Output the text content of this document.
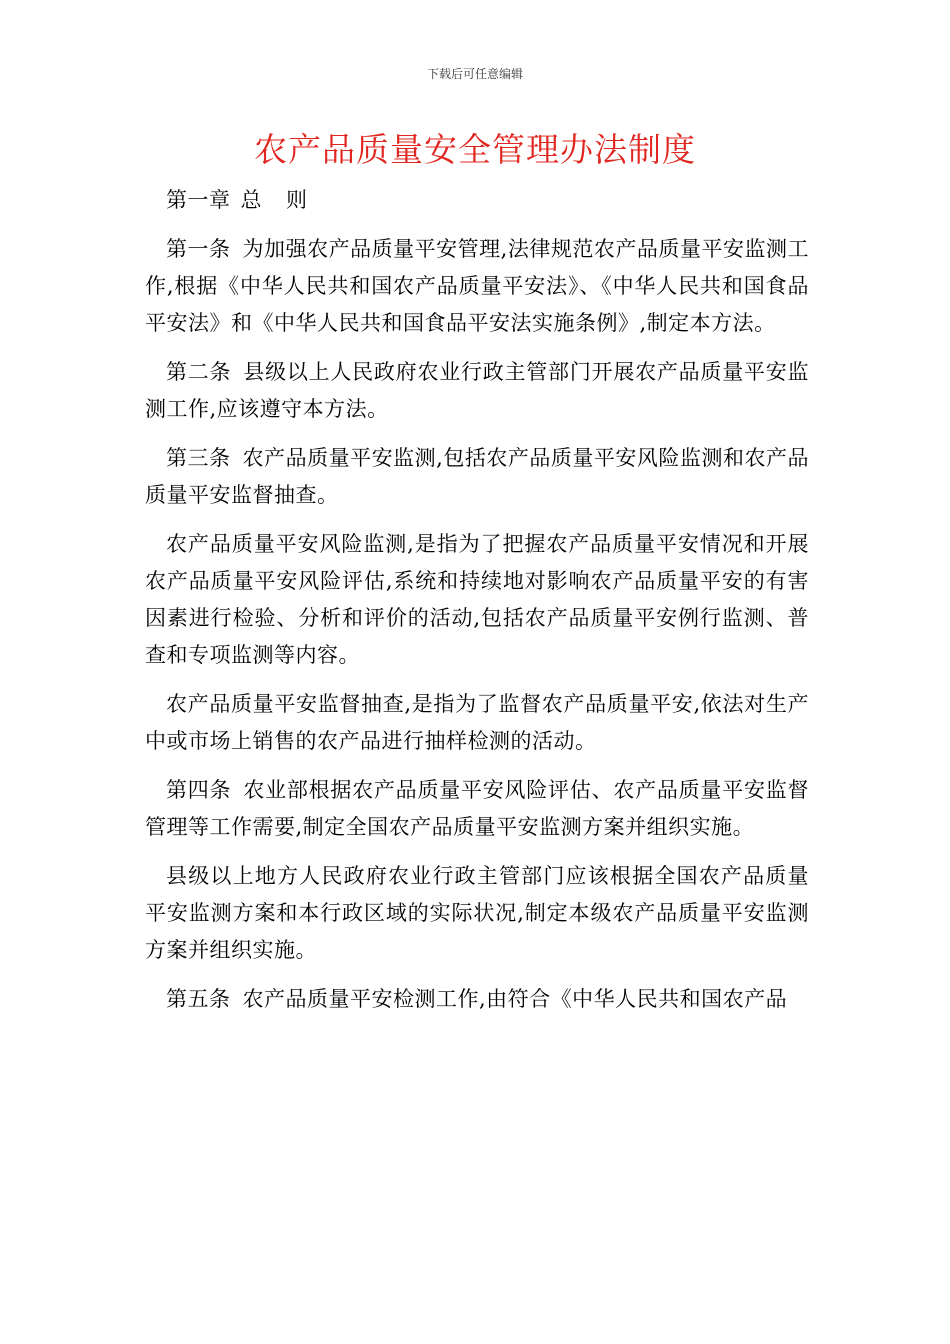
下载后可任意编辑
农产品质量安全管理办法制度

第一章 总 则

第一条 为加强农产品质量平安管理,法律规范农产品质量平安监测工作,根据《中华人民共和国农产品质量平安法》、《中华人民共和国食品平安法》和《中华人民共和国食品平安法实施条例》,制定本方法。

第二条 县级以上人民政府农业行政主管部门开展农产品质量平安监测工作,应该遵守本方法。

第三条 农产品质量平安监测,包括农产品质量平安风险监测和农产品质量平安监督抽查。

农产品质量平安风险监测,是指为了把握农产品质量平安情况和开展农产品质量平安风险评估,系统和持续地对影响农产品质量平安的有害因素进行检验、分析和评价的活动,包括农产品质量平安例行监测、普查和专项监测等内容。

农产品质量平安监督抽查,是指为了监督农产品质量平安,依法对生产中或市场上销售的农产品进行抽样检测的活动。

第四条 农业部根据农产品质量平安风险评估、农产品质量平安监督管理等工作需要,制定全国农产品质量平安监测方案并组织实施。

县级以上地方人民政府农业行政主管部门应该根据全国农产品质量平安监测方案和本行政区域的实际状况,制定本级农产品质量平安监测方案并组织实施。

第五条 农产品质量平安检测工作,由符合《中华人民共和国农产品
